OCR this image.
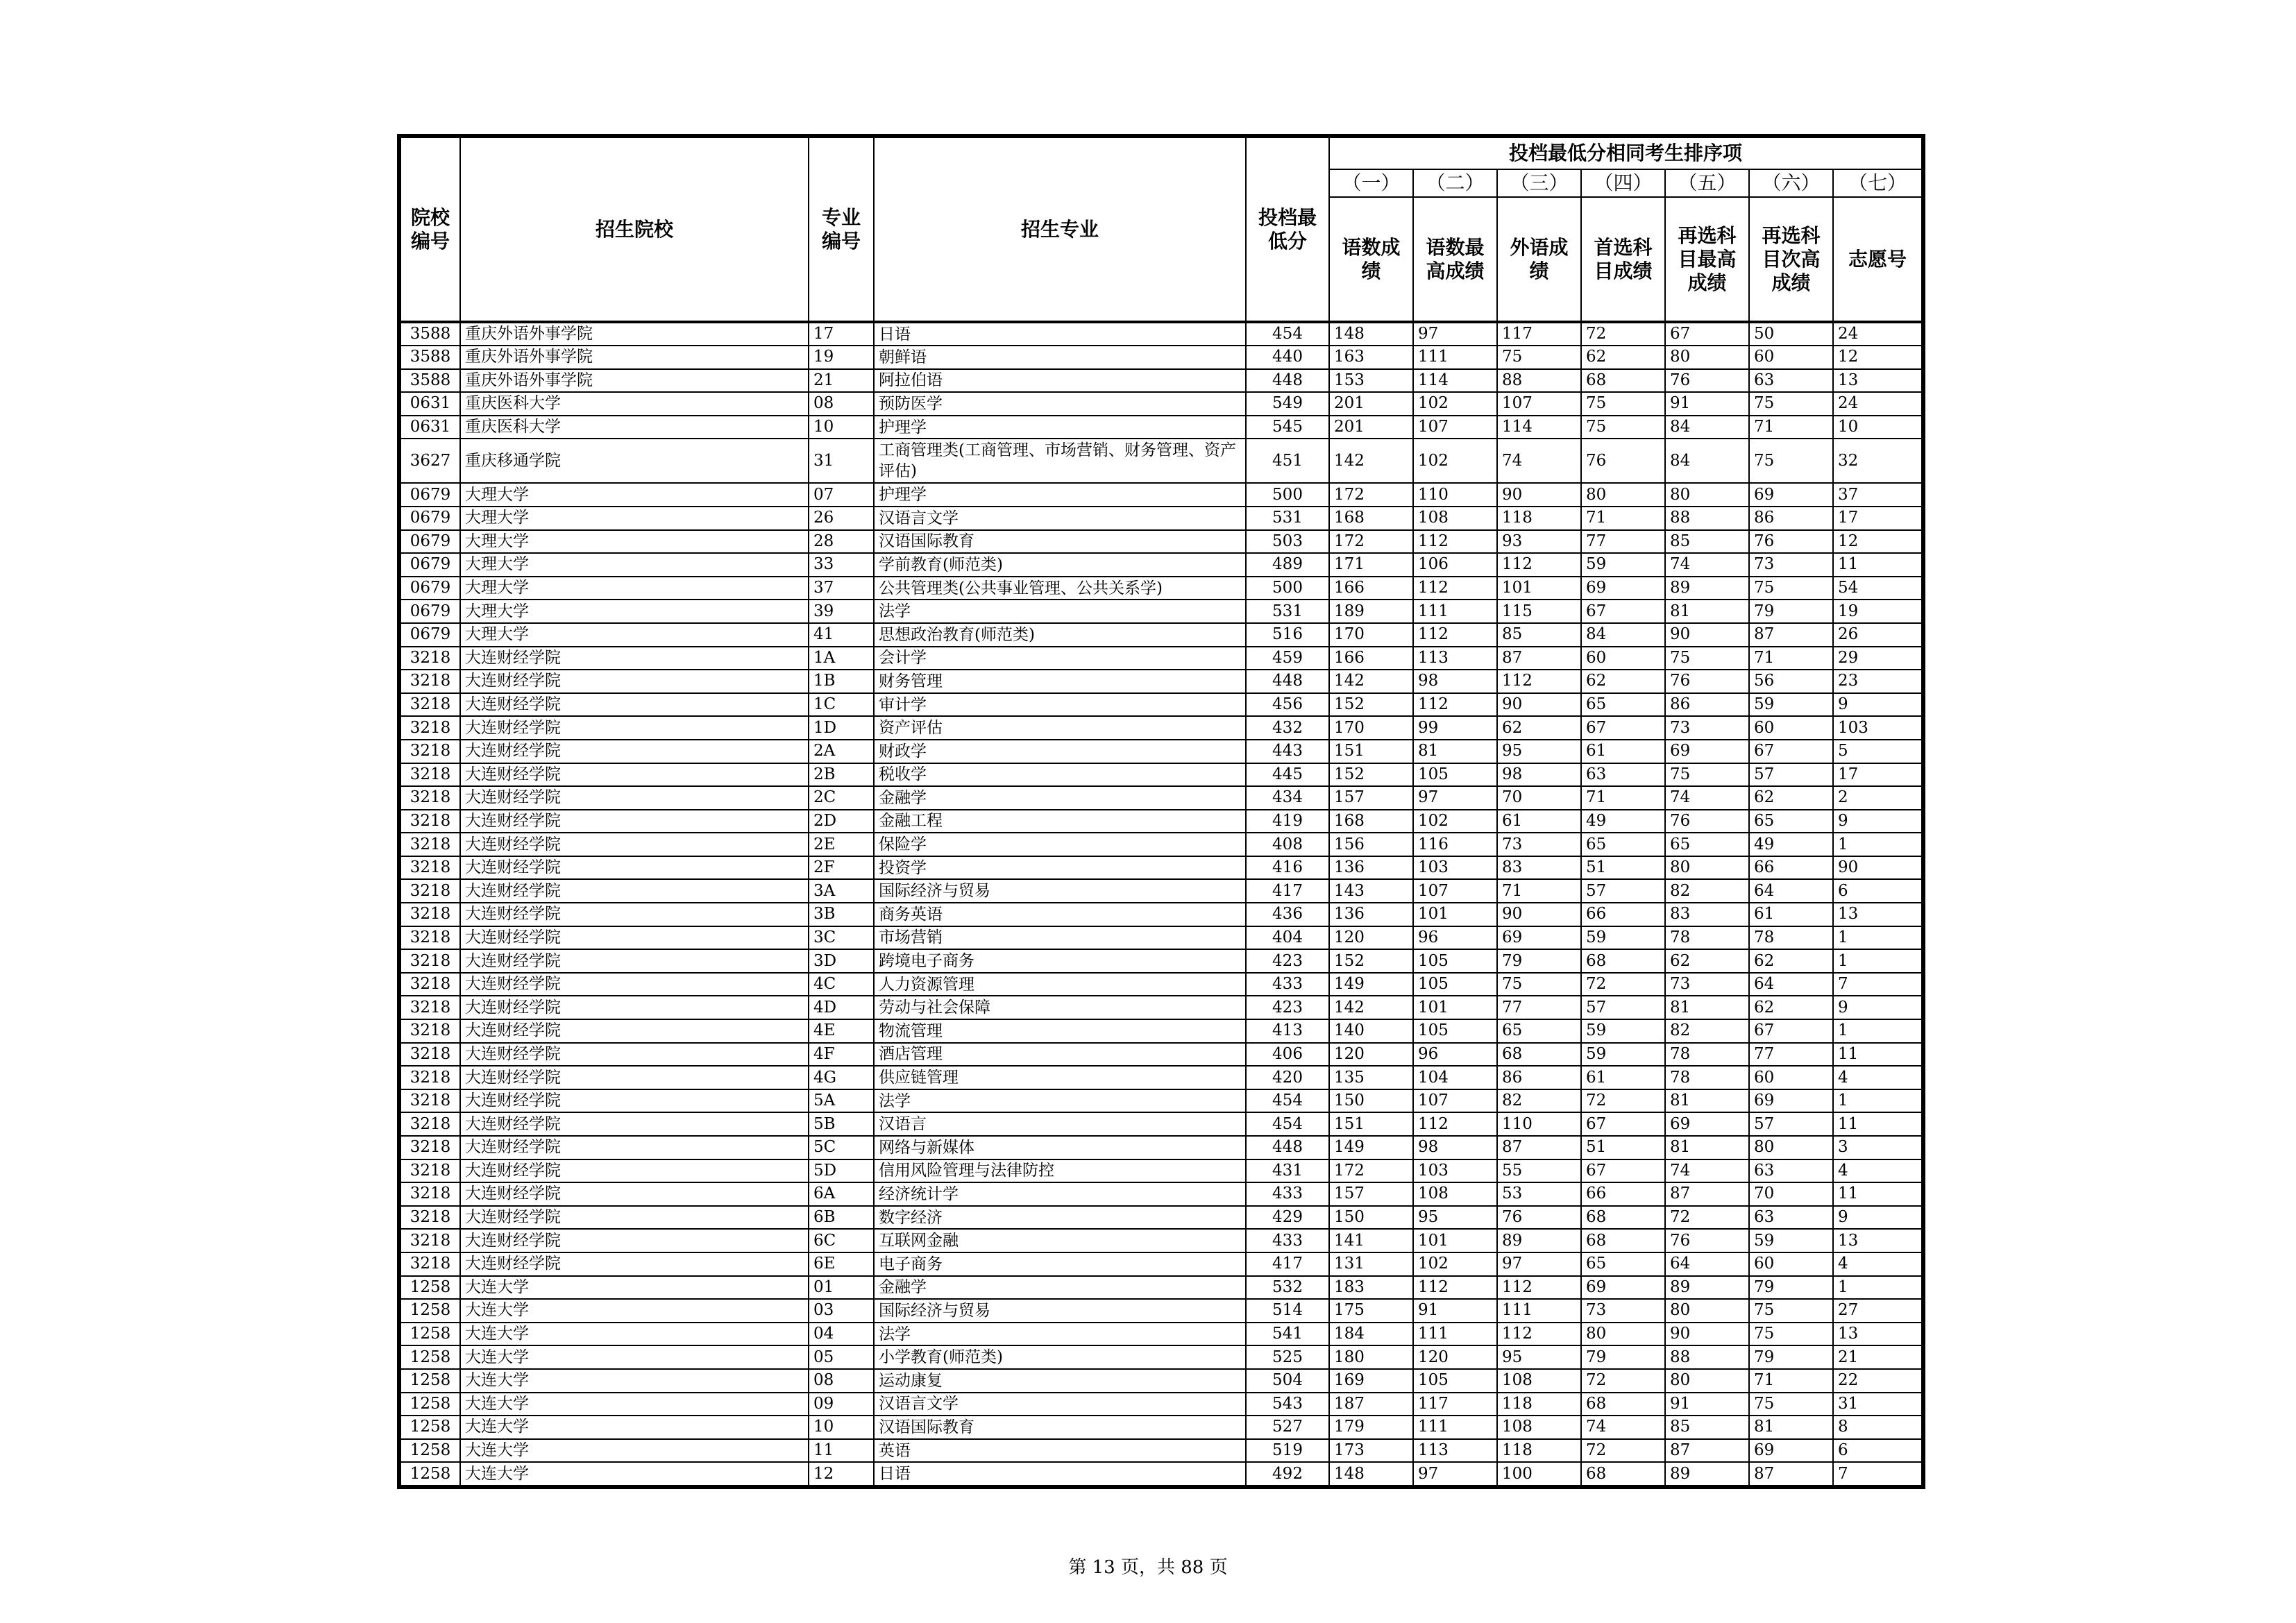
院校编号	招生院校	专业编号	招生专业	投档最低分	投档最低分相同考生排序项						
					（一）	（二）	（三）	（四）	（五）	（六）	（七）
					语数成绩	语数最高成绩	外语成绩	首选科目成绩	再选科目最高成绩	再选科目次高成绩	志愿号
3588	重庆外语外事学院	17	日语	454	148	97	117	72	67	50	24
3588	重庆外语外事学院	19	朝鲜语	440	163	111	75	62	80	60	12
3588	重庆外语外事学院	21	阿拉伯语	448	153	114	88	68	76	63	13
0631	重庆医科大学	08	预防医学	549	201	102	107	75	91	75	24
0631	重庆医科大学	10	护理学	545	201	107	114	75	84	71	10
3627	重庆移通学院	31	工商管理类(工商管理、市场营销、财务管理、资产评估)	451	142	102	74	76	84	75	32
0679	大理大学	07	护理学	500	172	110	90	80	80	69	37
0679	大理大学	26	汉语言文学	531	168	108	118	71	88	86	17
0679	大理大学	28	汉语国际教育	503	172	112	93	77	85	76	12
0679	大理大学	33	学前教育(师范类)	489	171	106	112	59	74	73	11
0679	大理大学	37	公共管理类(公共事业管理、公共关系学)	500	166	112	101	69	89	75	54
0679	大理大学	39	法学	531	189	111	115	67	81	79	19
0679	大理大学	41	思想政治教育(师范类)	516	170	112	85	84	90	87	26
3218	大连财经学院	1A	会计学	459	166	113	87	60	75	71	29
3218	大连财经学院	1B	财务管理	448	142	98	112	62	76	56	23
3218	大连财经学院	1C	审计学	456	152	112	90	65	86	59	9
3218	大连财经学院	1D	资产评估	432	170	99	62	67	73	60	103
3218	大连财经学院	2A	财政学	443	151	81	95	61	69	67	5
3218	大连财经学院	2B	税收学	445	152	105	98	63	75	57	17
3218	大连财经学院	2C	金融学	434	157	97	70	71	74	62	2
3218	大连财经学院	2D	金融工程	419	168	102	61	49	76	65	9
3218	大连财经学院	2E	保险学	408	156	116	73	65	65	49	1
3218	大连财经学院	2F	投资学	416	136	103	83	51	80	66	90
3218	大连财经学院	3A	国际经济与贸易	417	143	107	71	57	82	64	6
3218	大连财经学院	3B	商务英语	436	136	101	90	66	83	61	13
3218	大连财经学院	3C	市场营销	404	120	96	69	59	78	78	1
3218	大连财经学院	3D	跨境电子商务	423	152	105	79	68	62	62	1
3218	大连财经学院	4C	人力资源管理	433	149	105	75	72	73	64	7
3218	大连财经学院	4D	劳动与社会保障	423	142	101	77	57	81	62	9
3218	大连财经学院	4E	物流管理	413	140	105	65	59	82	67	1
3218	大连财经学院	4F	酒店管理	406	120	96	68	59	78	77	11
3218	大连财经学院	4G	供应链管理	420	135	104	86	61	78	60	4
3218	大连财经学院	5A	法学	454	150	107	82	72	81	69	1
3218	大连财经学院	5B	汉语言	454	151	112	110	67	69	57	11
3218	大连财经学院	5C	网络与新媒体	448	149	98	87	51	81	80	3
3218	大连财经学院	5D	信用风险管理与法律防控	431	172	103	55	67	74	63	4
3218	大连财经学院	6A	经济统计学	433	157	108	53	66	87	70	11
3218	大连财经学院	6B	数字经济	429	150	95	76	68	72	63	9
3218	大连财经学院	6C	互联网金融	433	141	101	89	68	76	59	13
3218	大连财经学院	6E	电子商务	417	131	102	97	65	64	60	4
1258	大连大学	01	金融学	532	183	112	112	69	89	79	1
1258	大连大学	03	国际经济与贸易	514	175	91	111	73	80	75	27
1258	大连大学	04	法学	541	184	111	112	80	90	75	13
1258	大连大学	05	小学教育(师范类)	525	180	120	95	79	88	79	21
1258	大连大学	08	运动康复	504	169	105	108	72	80	71	22
1258	大连大学	09	汉语言文学	543	187	117	118	68	91	75	31
1258	大连大学	10	汉语国际教育	527	179	111	108	74	85	81	8
1258	大连大学	11	英语	519	173	113	118	72	87	69	6
1258	大连大学	12	日语	492	148	97	100	68	89	87	7
第 13 页，共 88 页
